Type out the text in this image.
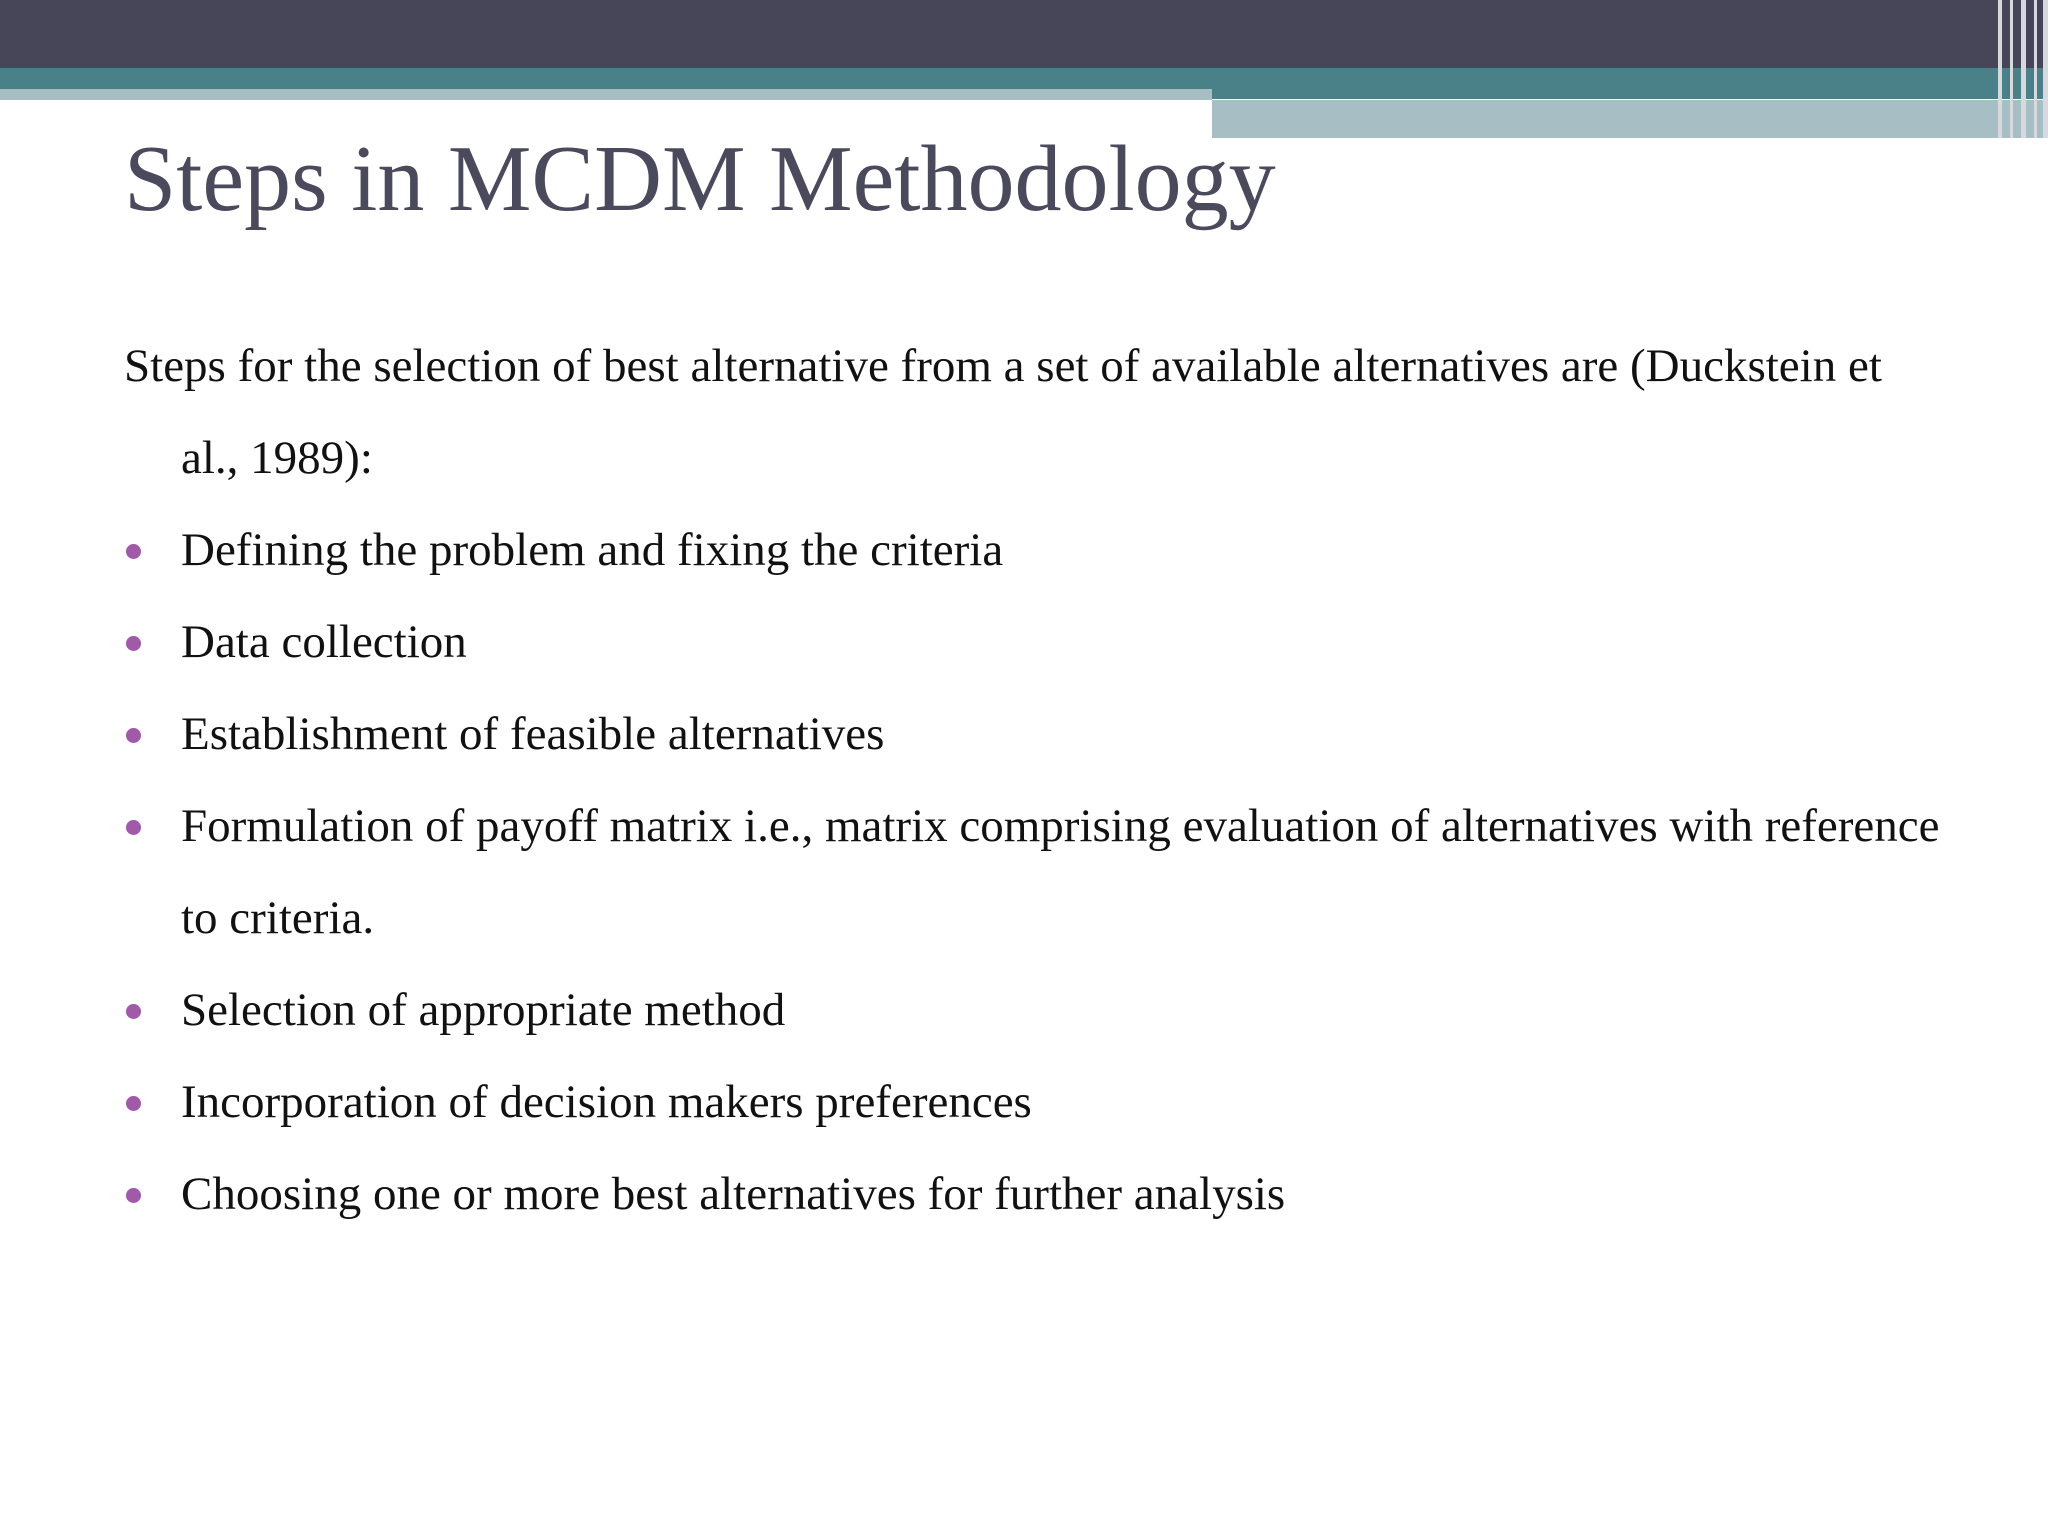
Steps in MCDM Methodology

Steps for the selection of best alternative from a set of available alternatives are (Duckstein et al., 1989):

Defining the problem and fixing the criteria
Data collection
Establishment of feasible alternatives
Formulation of payoff matrix i.e., matrix comprising evaluation of alternatives with reference to criteria.
Selection of appropriate method
Incorporation of decision makers preferences
Choosing one or more best alternatives for further analysis
